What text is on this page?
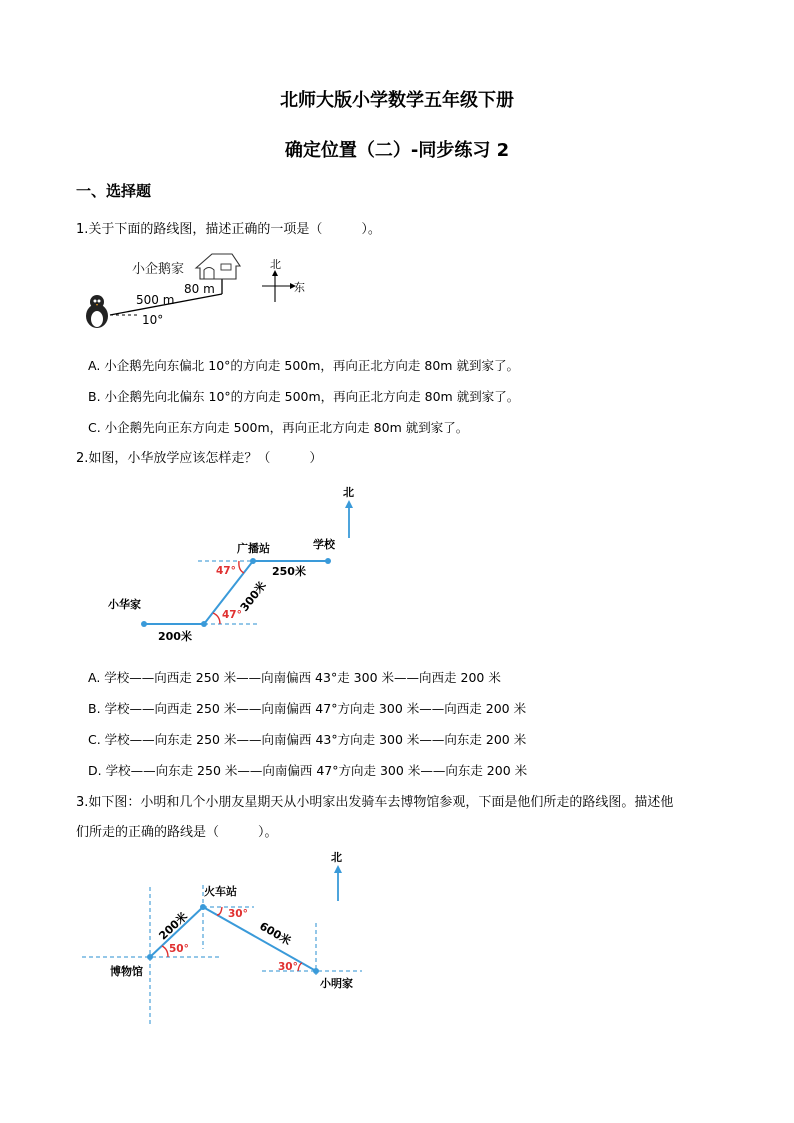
北师大版小学数学五年级下册
确定位置（二）-同步练习 2
一、选择题
1.关于下面的路线图，描述正确的一项是（　　　）。
小企鹅家
500 m
80 m
10°
北
东
A. 小企鹅先向东偏北 10°的方向走 500m，再向正北方向走 80m 就到家了。
B. 小企鹅先向北偏东 10°的方向走 500m，再向正北方向走 80m 就到家了。
C. 小企鹅先向正东方向走 500m，再向正北方向走 80m 就到家了。
2.如图，小华放学应该怎样走？（　　　）
北
广播站	学校
小华家
47°
47°
250米
300米
200米
A. 学校——向西走 250 米——向南偏西 43°走 300 米——向西走 200 米
B. 学校——向西走 250 米——向南偏西 47°方向走 300 米——向西走 200 米
C. 学校——向东走 250 米——向南偏西 43°方向走 300 米——向东走 200 米
D. 学校——向东走 250 米——向南偏西 47°方向走 300 米——向东走 200 米
3.如下图：小明和几个小朋友星期天从小明家出发骑车去博物馆参观，下面是他们所走的路线图。描述他
们所走的正确的路线是（　　　）。
北
火车站
博物馆
小明家
30°
30°
50°
200米	600米
